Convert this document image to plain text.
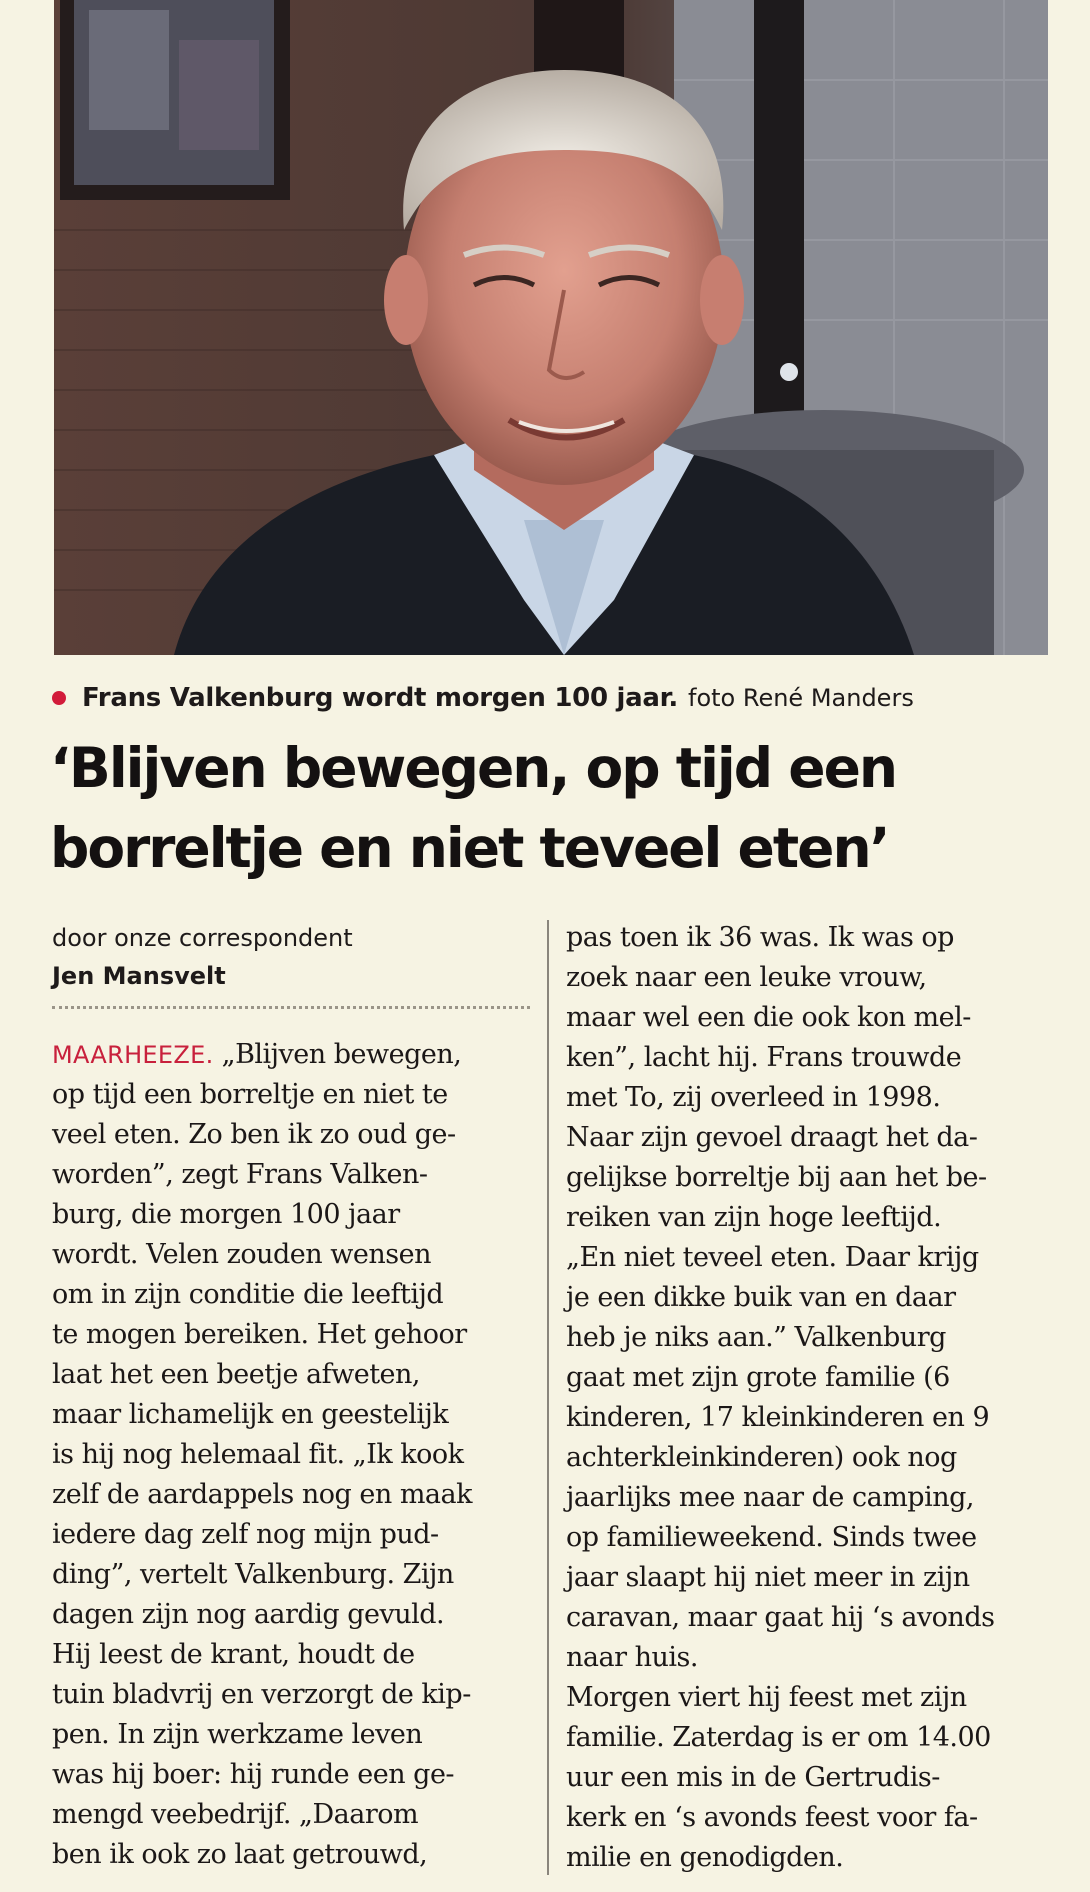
Frans Valkenburg wordt morgen 100 jaar. foto René Manders
‘Blijven bewegen, op tijd een
borreltje en niet teveel eten’
door onze correspondent
Jen Mansvelt
MAARHEEZE. „Blijven bewegen,
op tijd een borreltje en niet te
veel eten. Zo ben ik zo oud ge-
worden”, zegt Frans Valken-
burg, die morgen 100 jaar
wordt. Velen zouden wensen
om in zijn conditie die leeftijd
te mogen bereiken. Het gehoor
laat het een beetje afweten,
maar lichamelijk en geestelijk
is hij nog helemaal fit. „Ik kook
zelf de aardappels nog en maak
iedere dag zelf nog mijn pud-
ding”, vertelt Valkenburg. Zijn
dagen zijn nog aardig gevuld.
Hij leest de krant, houdt de
tuin bladvrij en verzorgt de kip-
pen. In zijn werkzame leven
was hij boer: hij runde een ge-
mengd veebedrijf. „Daarom
ben ik ook zo laat getrouwd,
pas toen ik 36 was. Ik was op
zoek naar een leuke vrouw,
maar wel een die ook kon mel-
ken”, lacht hij. Frans trouwde
met To, zij overleed in 1998.
Naar zijn gevoel draagt het da-
gelijkse borreltje bij aan het be-
reiken van zijn hoge leeftijd.
„En niet teveel eten. Daar krijg
je een dikke buik van en daar
heb je niks aan.” Valkenburg
gaat met zijn grote familie (6
kinderen, 17 kleinkinderen en 9
achterkleinkinderen) ook nog
jaarlijks mee naar de camping,
op familieweekend. Sinds twee
jaar slaapt hij niet meer in zijn
caravan, maar gaat hij ‘s avonds
naar huis.
Morgen viert hij feest met zijn
familie. Zaterdag is er om 14.00
uur een mis in de Gertrudis-
kerk en ‘s avonds feest voor fa-
milie en genodigden.
